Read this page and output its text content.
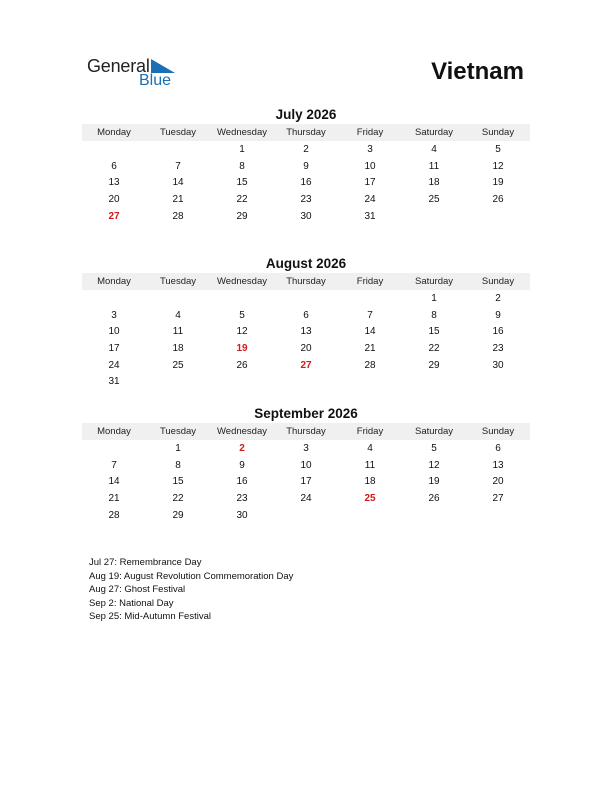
General
Blue	Vietnam
July 2026
Monday	Tuesday	Wednesday	Thursday	Friday	Saturday	Sunday
		1	2	3	4	5
6	7	8	9	10	11	12
13	14	15	16	17	18	19
20	21	22	23	24	25	26
27	28	29	30	31		
August 2026
Monday	Tuesday	Wednesday	Thursday	Friday	Saturday	Sunday
					1	2
3	4	5	6	7	8	9
10	11	12	13	14	15	16
17	18	19	20	21	22	23
24	25	26	27	28	29	30
31						
September 2026
Monday	Tuesday	Wednesday	Thursday	Friday	Saturday	Sunday
	1	2	3	4	5	6
7	8	9	10	11	12	13
14	15	16	17	18	19	20
21	22	23	24	25	26	27
28	29	30				
Jul 27: Remembrance Day
Aug 19: August Revolution Commemoration Day
Aug 27: Ghost Festival
Sep 2: National Day
Sep 25: Mid-Autumn Festival
